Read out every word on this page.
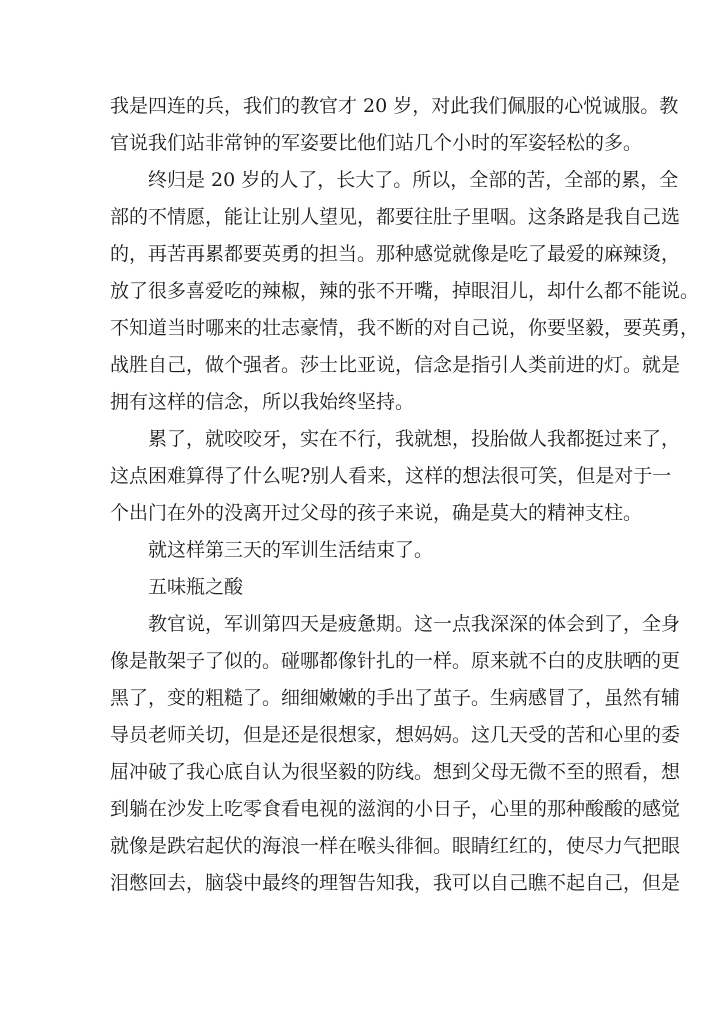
我是四连的兵，我们的教官才 20 岁，对此我们佩服的心悦诚服。教
官说我们站非常钟的军姿要比他们站几个小时的军姿轻松的多。
终归是 20 岁的人了，长大了。所以，全部的苦，全部的累，全
部的不情愿，能让让别人望见，都要往肚子里咽。这条路是我自己选
的，再苦再累都要英勇的担当。那种感觉就像是吃了最爱的麻辣烫，
放了很多喜爱吃的辣椒，辣的张不开嘴，掉眼泪儿，却什么都不能说。
不知道当时哪来的壮志豪情，我不断的对自己说，你要坚毅，要英勇，
战胜自己，做个强者。莎士比亚说，信念是指引人类前进的灯。就是
拥有这样的信念，所以我始终坚持。
累了，就咬咬牙，实在不行，我就想，投胎做人我都挺过来了，
这点困难算得了什么呢?别人看来，这样的想法很可笑，但是对于一
个出门在外的没离开过父母的孩子来说，确是莫大的精神支柱。
就这样第三天的军训生活结束了。
五味瓶之酸
教官说，军训第四天是疲惫期。这一点我深深的体会到了，全身
像是散架子了似的。碰哪都像针扎的一样。原来就不白的皮肤晒的更
黑了，变的粗糙了。细细嫩嫩的手出了茧子。生病感冒了，虽然有辅
导员老师关切，但是还是很想家，想妈妈。这几天受的苦和心里的委
屈冲破了我心底自认为很坚毅的防线。想到父母无微不至的照看，想
到躺在沙发上吃零食看电视的滋润的小日子，心里的那种酸酸的感觉
就像是跌宕起伏的海浪一样在喉头徘徊。眼睛红红的，使尽力气把眼
泪憋回去，脑袋中最终的理智告知我，我可以自己瞧不起自己，但是
